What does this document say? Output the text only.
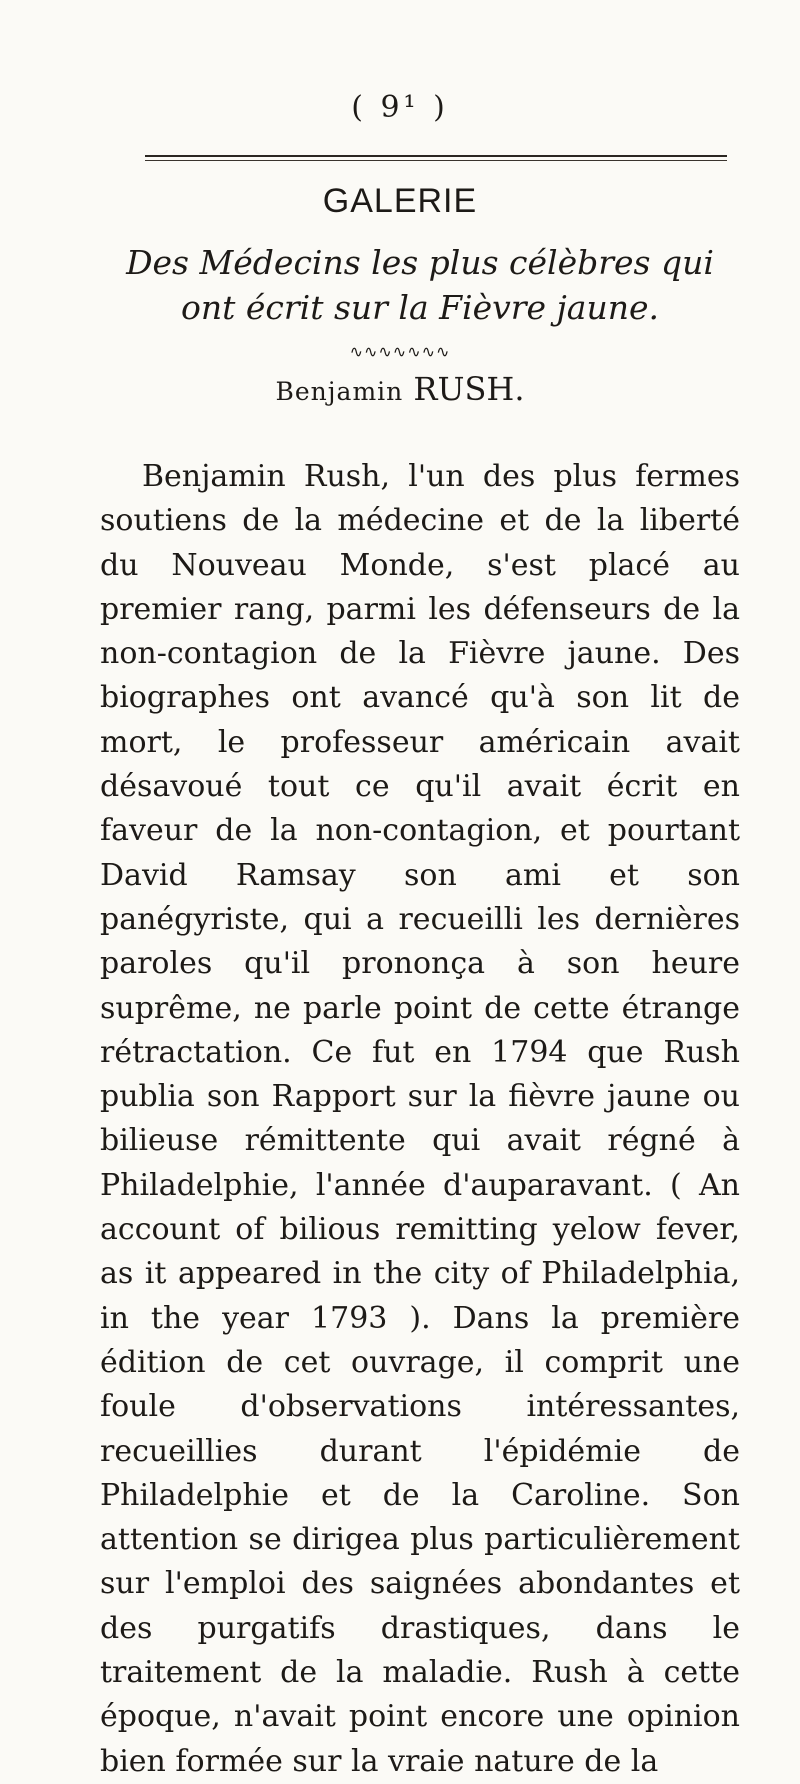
( 9¹ )
GALERIE
Des Médecins les plus célèbres qui ont écrit sur la Fièvre jaune.
∿∿∿∿∿∿∿
Benjamin RUSH.

Benjamin Rush, l'un des plus fermes soutiens de la médecine et de la liberté du Nouveau Monde, s'est placé au premier rang, parmi les défenseurs de la non-contagion de la Fièvre jaune. Des biographes ont avancé qu'à son lit de mort, le professeur américain avait désavoué tout ce qu'il avait écrit en faveur de la non-contagion, et pourtant David Ramsay son ami et son panégyriste, qui a recueilli les dernières paroles qu'il prononça à son heure suprême, ne parle point de cette étrange rétractation. Ce fut en 1794 que Rush publia son Rapport sur la fièvre jaune ou bilieuse rémittente qui avait régné à Philadelphie, l'année d'auparavant. ( An account of bilious remitting yelow fever, as it appeared in the city of Philadelphia, in the year 1793 ). Dans la première édition de cet ouvrage, il comprit une foule d'observations intéressantes, recueillies durant l'épidémie de Philadelphie et de la Caroline. Son attention se dirigea plus particulièrement sur l'emploi des saignées abondantes et des purgatifs drastiques, dans le traitement de la maladie. Rush à cette époque, n'avait point encore une opinion bien formée sur la vraie nature de la
